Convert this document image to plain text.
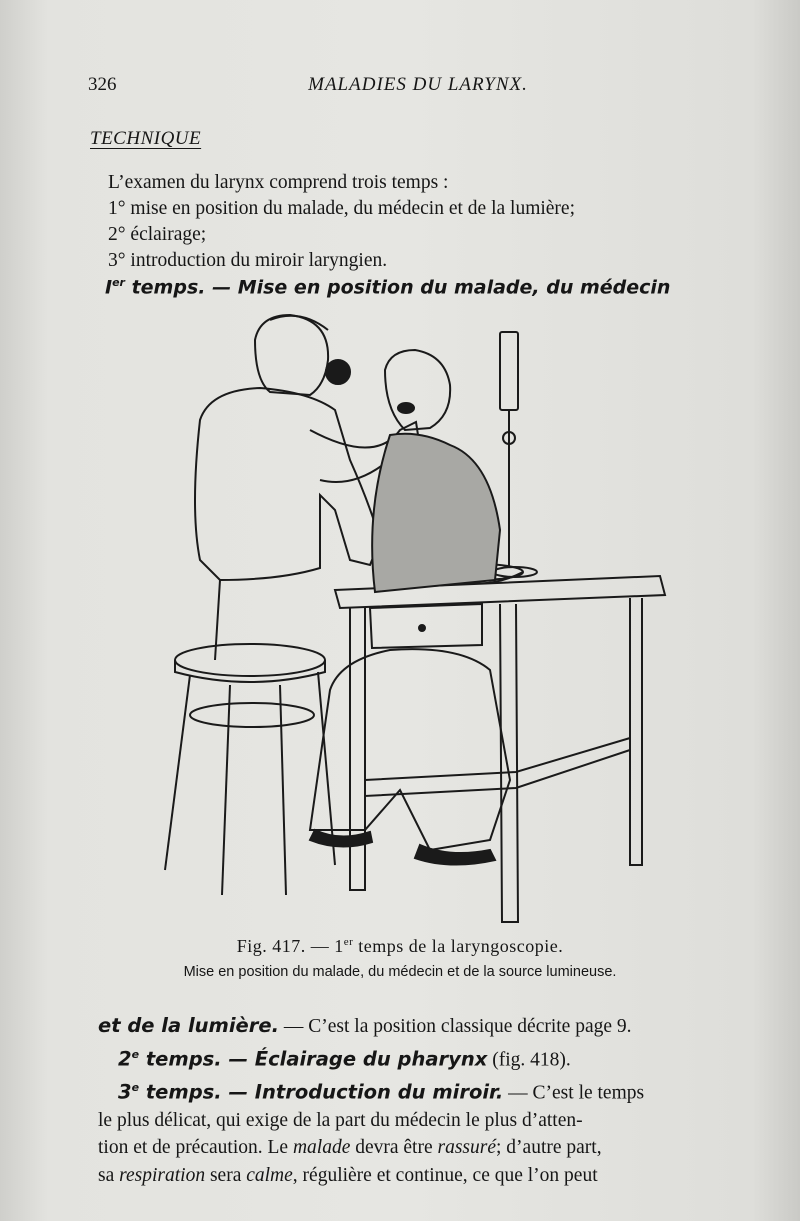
326	MALADIES DU LARYNX.
TECHNIQUE
L’examen du larynx comprend trois temps :
1° mise en position du malade, du médecin et de la lumière;
2° éclairage;
3° introduction du miroir laryngien.
Ier temps. — Mise en position du malade, du médecin
Fig. 417. — 1er temps de la laryngoscopie.
Mise en position du malade, du médecin et de la source lumineuse.
et de la lumière. — C’est la position classique décrite page 9.
2e temps. — Éclairage du pharynx (fig. 418).
3e temps. — Introduction du miroir. — C’est le temps
le plus délicat, qui exige de la part du médecin le plus d’atten-
tion et de précaution. Le malade devra être rassuré; d’autre part,
sa respiration sera calme, régulière et continue, ce que l’on peut
